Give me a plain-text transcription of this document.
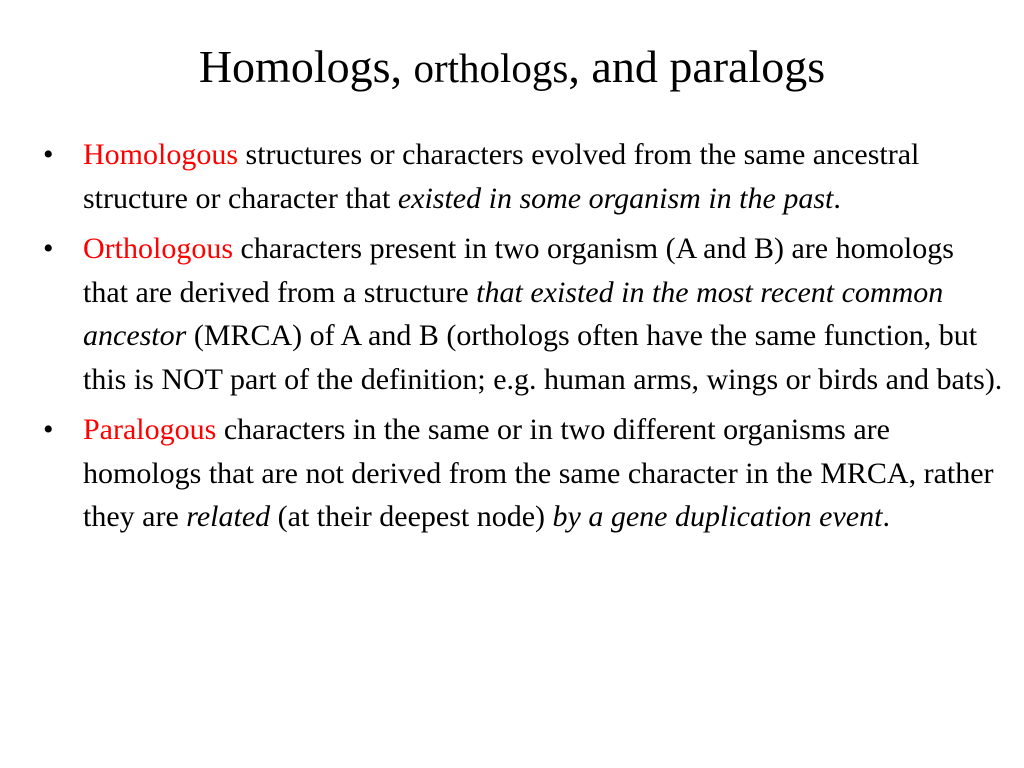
Homologs, orthologs, and paralogs
• Homologous structures or characters evolved from the same ancestral structure or character that existed in some organism in the past.
• Orthologous characters present in two organism (A and B) are homologs that are derived from a structure that existed in the most recent common ancestor (MRCA) of A and B (orthologs often have the same function, but this is NOT part of the definition; e.g. human arms, wings or birds and bats).
• Paralogous characters in the same or in two different organisms are homologs that are not derived from the same character in the MRCA, rather they are related (at their deepest node) by a gene duplication event.
